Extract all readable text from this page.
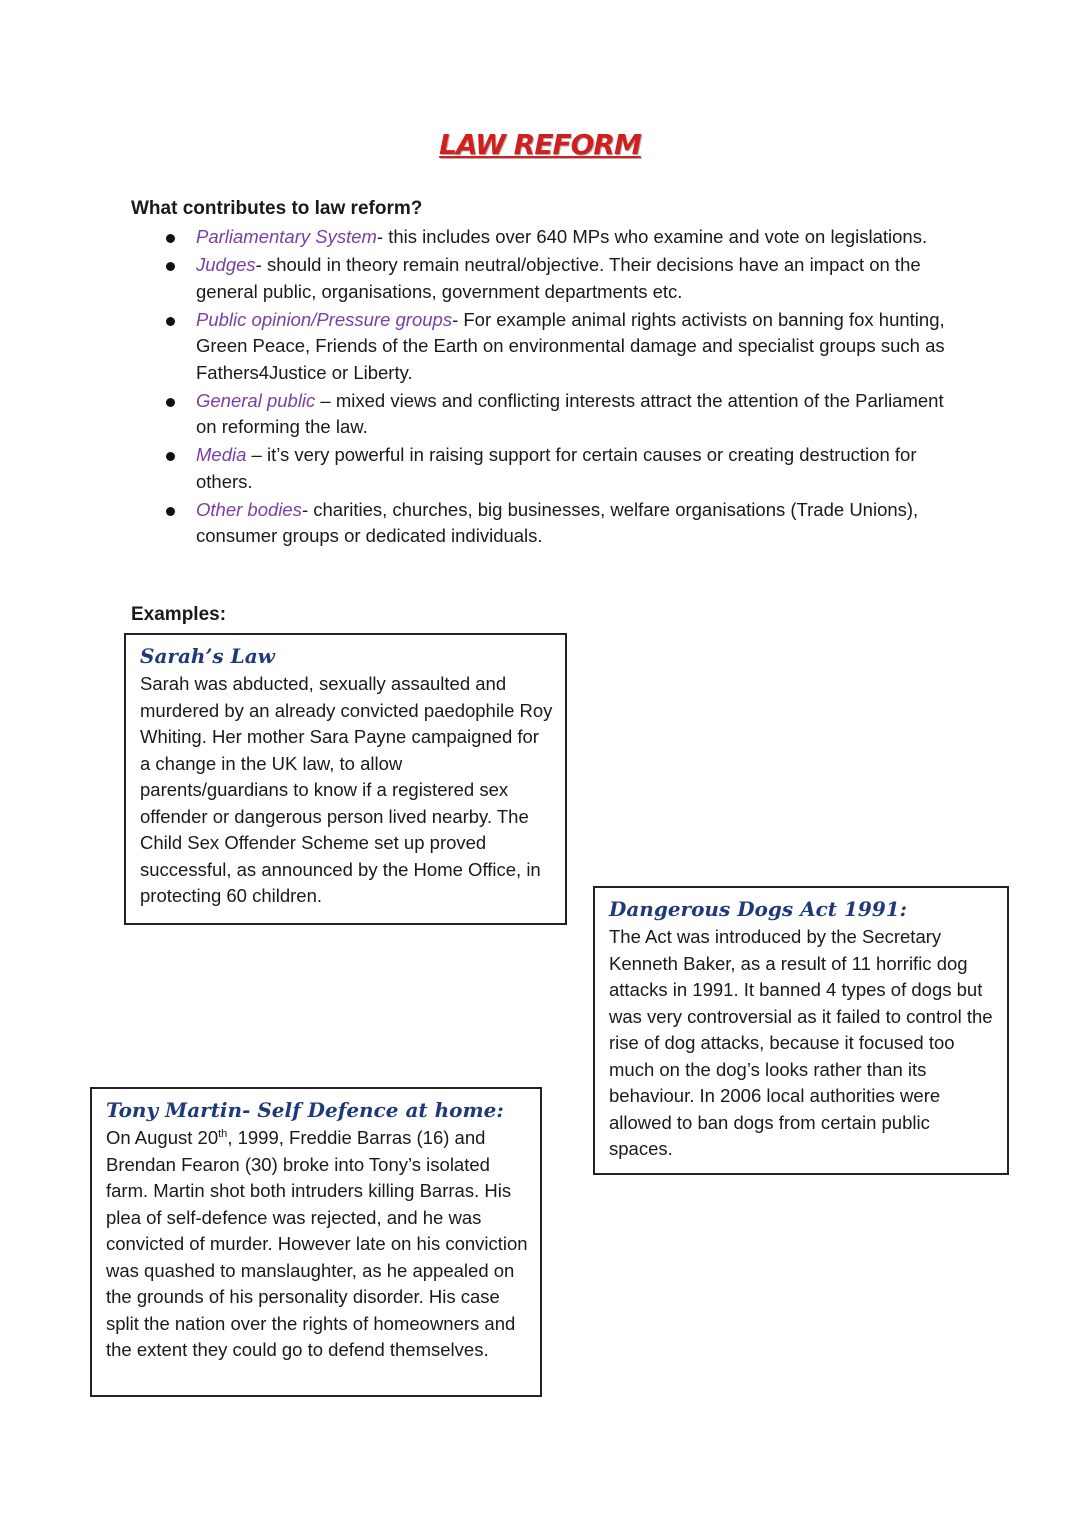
LAW REFORM
What contributes to law reform?
Parliamentary System- this includes over 640 MPs who examine and vote on legislations.
Judges- should in theory remain neutral/objective. Their decisions have an impact on the general public, organisations, government departments etc.
Public opinion/Pressure groups- For example animal rights activists on banning fox hunting, Green Peace, Friends of the Earth on environmental damage and specialist groups such as Fathers4Justice or Liberty.
General public – mixed views and conflicting interests attract the attention of the Parliament on reforming the law.
Media – it’s very powerful in raising support for certain causes or creating destruction for others.
Other bodies- charities, churches, big businesses, welfare organisations (Trade Unions), consumer groups or dedicated individuals.
Examples:
Sarah’s Law
Sarah was abducted, sexually assaulted and murdered by an already convicted paedophile Roy Whiting. Her mother Sara Payne campaigned for a change in the UK law, to allow parents/guardians to know if a registered sex offender or dangerous person lived nearby. The Child Sex Offender Scheme set up proved successful, as announced by the Home Office, in protecting 60 children.
Dangerous Dogs Act 1991:
The Act was introduced by the Secretary Kenneth Baker, as a result of 11 horrific dog attacks in 1991. It banned 4 types of dogs but was very controversial as it failed to control the rise of dog attacks, because it focused too much on the dog’s looks rather than its behaviour. In 2006 local authorities were allowed to ban dogs from certain public spaces.
Tony Martin- Self Defence at home:
On August 20th, 1999, Freddie Barras (16) and Brendan Fearon (30) broke into Tony’s isolated farm. Martin shot both intruders killing Barras. His plea of self-defence was rejected, and he was convicted of murder. However late on his conviction was quashed to manslaughter, as he appealed on the grounds of his personality disorder. His case split the nation over the rights of homeowners and the extent they could go to defend themselves.
